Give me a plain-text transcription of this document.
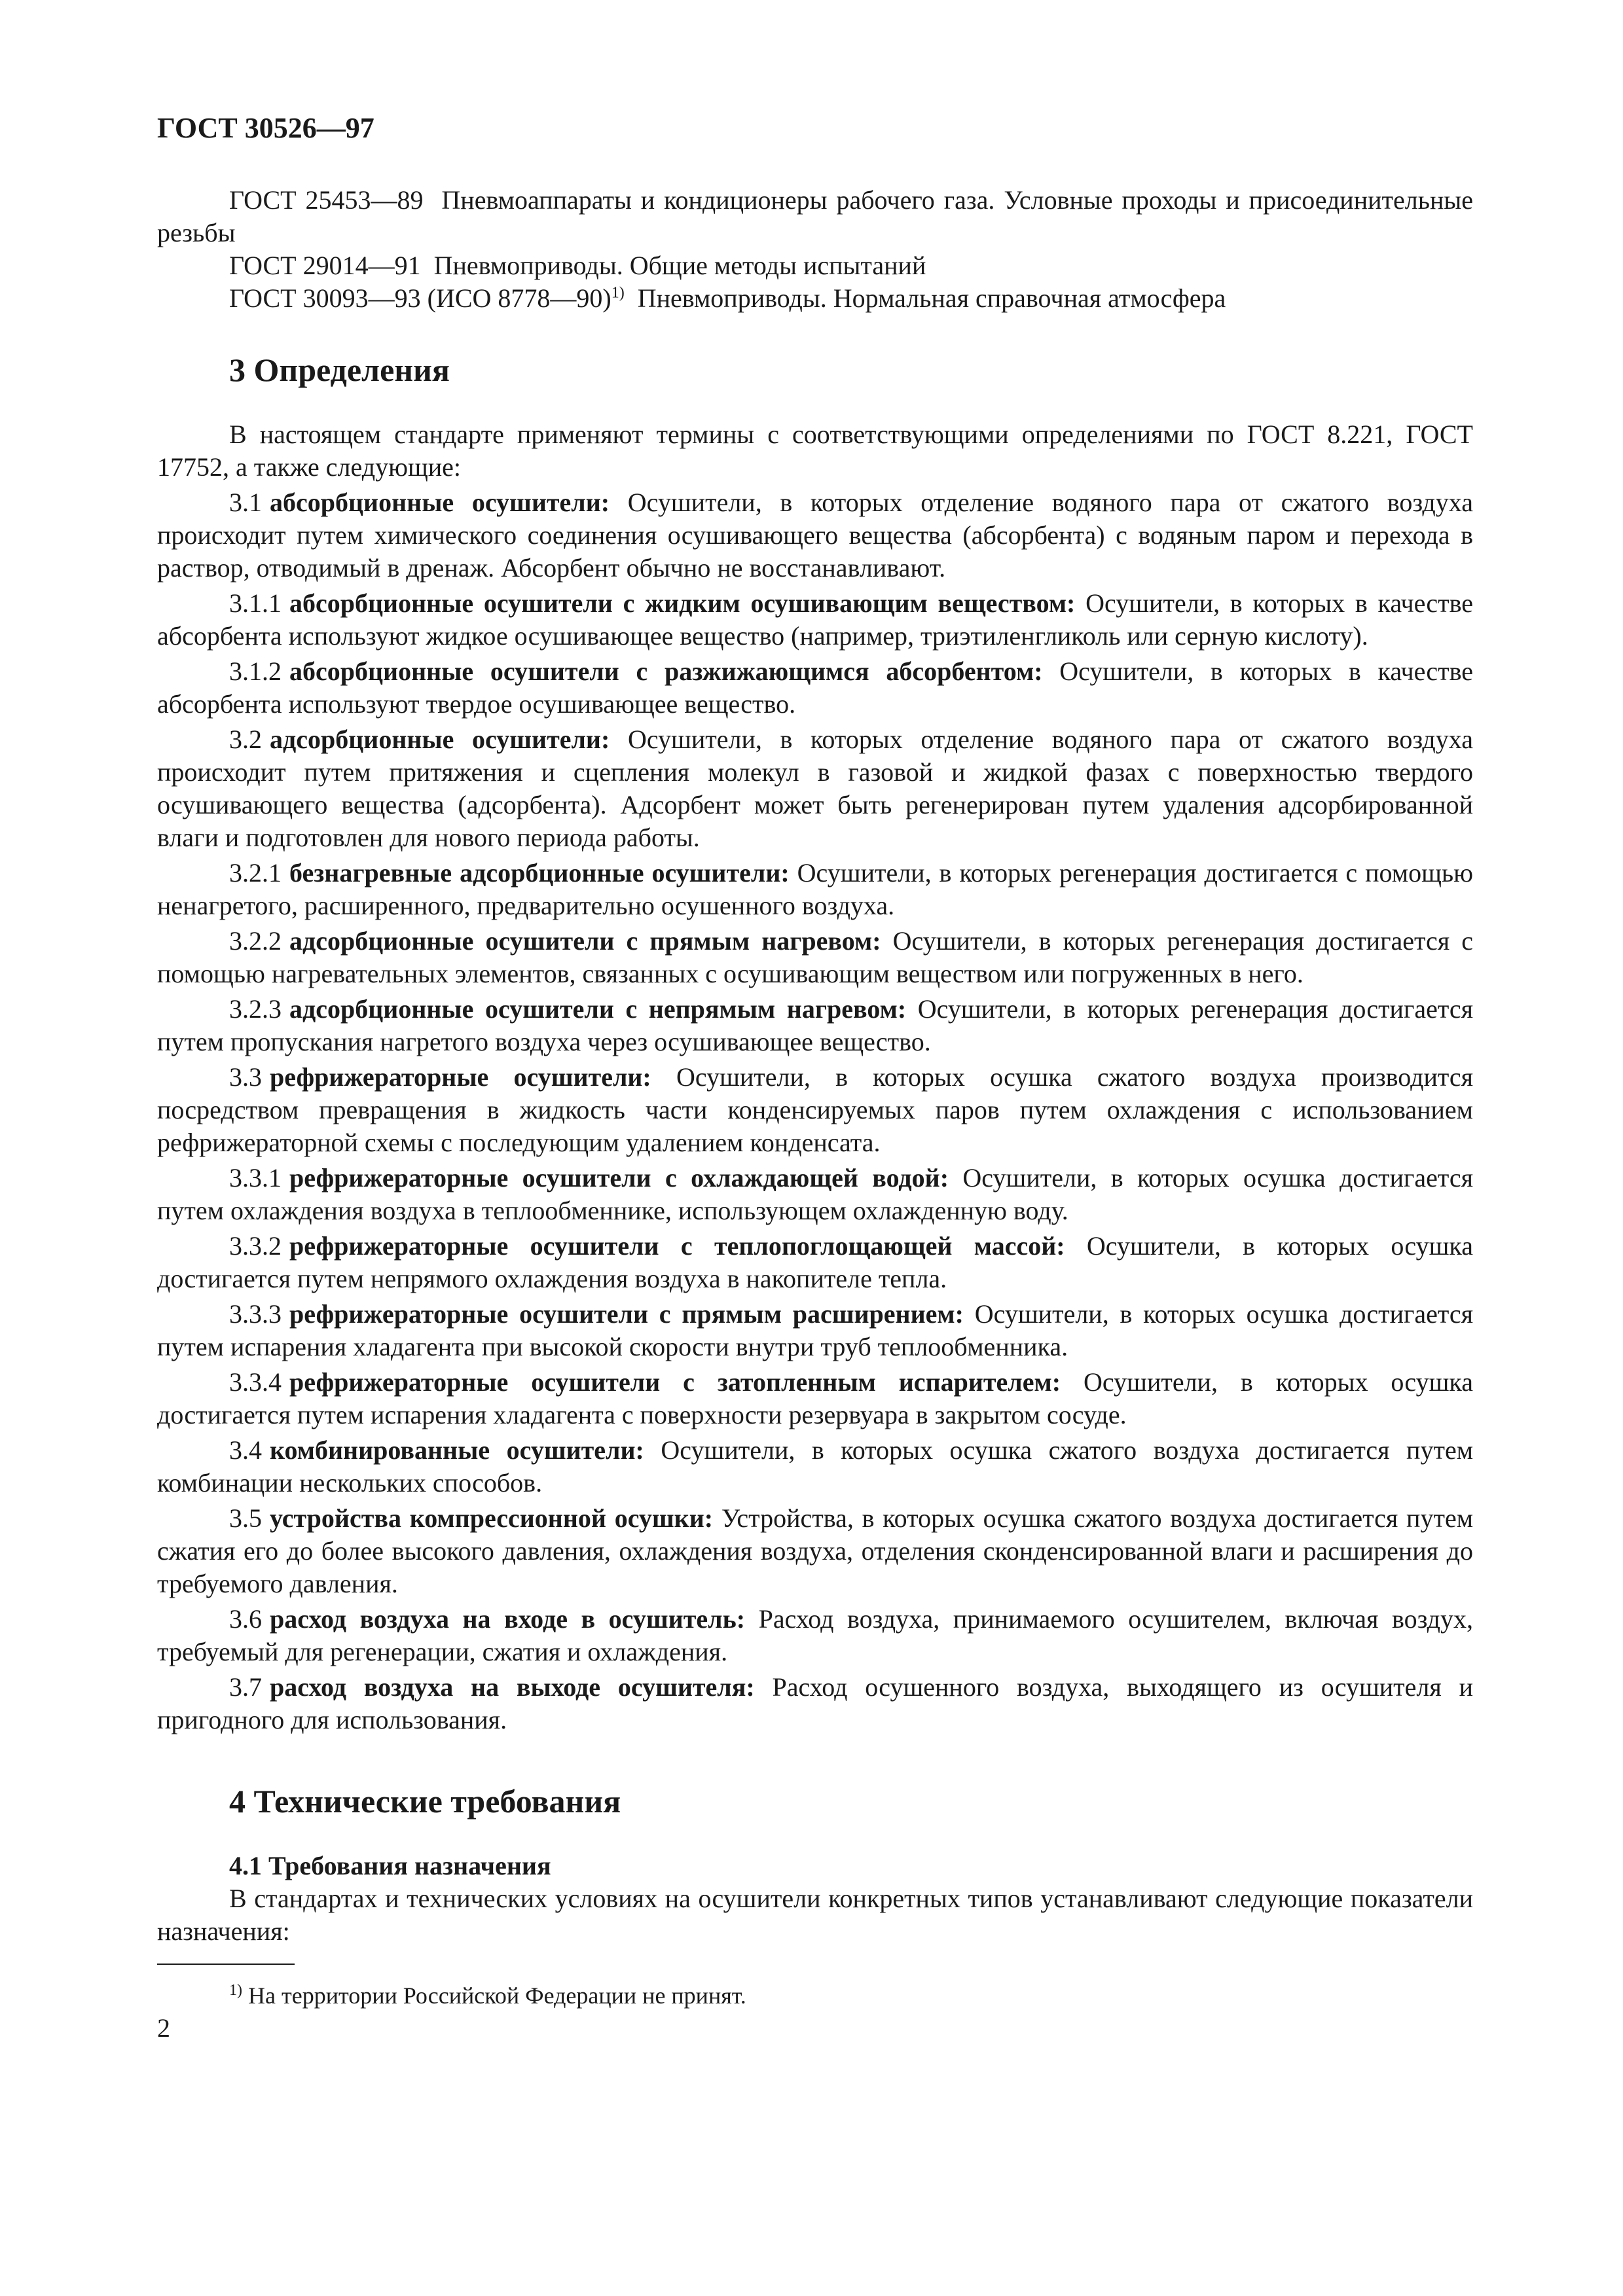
ГОСТ 30526—97

ГОСТ 25453—89 Пневмоаппараты и кондиционеры рабочего газа. Условные проходы и присоединительные резьбы

ГОСТ 29014—91 Пневмоприводы. Общие методы испытаний

ГОСТ 30093—93 (ИСО 8778—90)$^{1)}$ Пневмоприводы. Нормальная справочная атмосфера

3 Определения

В настоящем стандарте применяют термины с соответствующими определениями по ГОСТ 8.221, ГОСТ 17752, а также следующие:

3.1 абсорбционные осушители: Осушители, в которых отделение водяного пара от сжатого воздуха происходит путем химического соединения осушивающего вещества (абсорбента) с водяным паром и перехода в раствор, отводимый в дренаж. Абсорбент обычно не восстанавливают.

3.1.1 абсорбционные осушители с жидким осушивающим веществом: Осушители, в которых в качестве абсорбента используют жидкое осушивающее вещество (например, триэтиленгликоль или серную кислоту).

3.1.2 абсорбционные осушители с разжижающимся абсорбентом: Осушители, в которых в качестве абсорбента используют твердое осушивающее вещество.

3.2 адсорбционные осушители: Осушители, в которых отделение водяного пара от сжатого воздуха происходит путем притяжения и сцепления молекул в газовой и жидкой фазах с поверхностью твердого осушивающего вещества (адсорбента). Адсорбент может быть регенерирован путем удаления адсорбированной влаги и подготовлен для нового периода работы.

3.2.1 безнагревные адсорбционные осушители: Осушители, в которых регенерация достигается с помощью ненагретого, расширенного, предварительно осушенного воздуха.

3.2.2 адсорбционные осушители с прямым нагревом: Осушители, в которых регенерация достигается с помощью нагревательных элементов, связанных с осушивающим веществом или погруженных в него.

3.2.3 адсорбционные осушители с непрямым нагревом: Осушители, в которых регенерация достигается путем пропускания нагретого воздуха через осушивающее вещество.

3.3 рефрижераторные осушители: Осушители, в которых осушка сжатого воздуха производится посредством превращения в жидкость части конденсируемых паров путем охлаждения с использованием рефрижераторной схемы с последующим удалением конденсата.

3.3.1 рефрижераторные осушители с охлаждающей водой: Осушители, в которых осушка достигается путем охлаждения воздуха в теплообменнике, использующем охлажденную воду.

3.3.2 рефрижераторные осушители с теплопоглощающей массой: Осушители, в которых осушка достигается путем непрямого охлаждения воздуха в накопителе тепла.

3.3.3 рефрижераторные осушители с прямым расширением: Осушители, в которых осушка достигается путем испарения хладагента при высокой скорости внутри труб теплообменника.

3.3.4 рефрижераторные осушители с затопленным испарителем: Осушители, в которых осушка достигается путем испарения хладагента с поверхности резервуара в закрытом сосуде.

3.4 комбинированные осушители: Осушители, в которых осушка сжатого воздуха достигается путем комбинации нескольких способов.

3.5 устройства компрессионной осушки: Устройства, в которых осушка сжатого воздуха достигается путем сжатия его до более высокого давления, охлаждения воздуха, отделения сконденсированной влаги и расширения до требуемого давления.

3.6 расход воздуха на входе в осушитель: Расход воздуха, принимаемого осушителем, включая воздух, требуемый для регенерации, сжатия и охлаждения.

3.7 расход воздуха на выходе осушителя: Расход осушенного воздуха, выходящего из осушителя и пригодного для использования.

4 Технические требования
4.1 Требования назначения

В стандартах и технических условиях на осушители конкретных типов устанавливают следующие показатели назначения:

$^{1)}$ На территории Российской Федерации не принят.

2
